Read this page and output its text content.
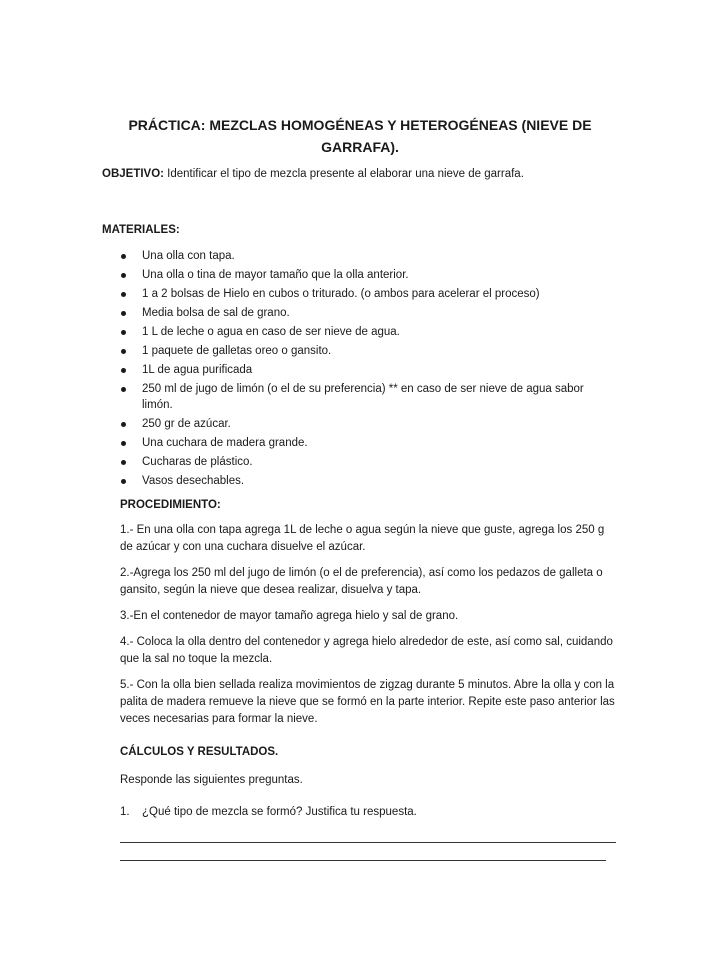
PRÁCTICA: MEZCLAS HOMOGÉNEAS Y HETEROGÉNEAS (NIEVE DE GARRAFA).
OBJETIVO: Identificar el tipo de mezcla presente al elaborar una nieve de garrafa.
MATERIALES:
Una olla con tapa.
Una olla o tina de mayor tamaño que la olla anterior.
1 a 2 bolsas de Hielo en cubos o triturado. (o ambos para acelerar el proceso)
Media bolsa de sal de grano.
1 L de leche o agua en caso de ser nieve de agua.
1 paquete de galletas oreo o gansito.
1L de agua purificada
250 ml de jugo de limón (o el de su preferencia) ** en caso de ser nieve de agua sabor limón.
250 gr de azúcar.
Una cuchara de madera grande.
Cucharas de plástico.
Vasos desechables.
PROCEDIMIENTO:

1.- En una olla con tapa agrega 1L de leche o agua según la nieve que guste, agrega los 250 g de azúcar y con una cuchara disuelve el azúcar.

2.-Agrega los 250 ml del jugo de limón (o el de preferencia), así como los pedazos de galleta o gansito, según la nieve que desea realizar, disuelva y tapa.

3.-En el contenedor de mayor tamaño agrega hielo y sal de grano.

4.- Coloca la olla dentro del contenedor y agrega hielo alrededor de este, así como sal, cuidando que la sal no toque la mezcla.

5.- Con la olla bien sellada realiza movimientos de zigzag durante 5 minutos. Abre la olla y con la palita de madera remueve la nieve que se formó en la parte interior. Repite este paso anterior las veces necesarias para formar la nieve.

CÁLCULOS Y RESULTADOS.
Responde las siguientes preguntas.
1. ¿Qué tipo de mezcla se formó? Justifica tu respuesta.
